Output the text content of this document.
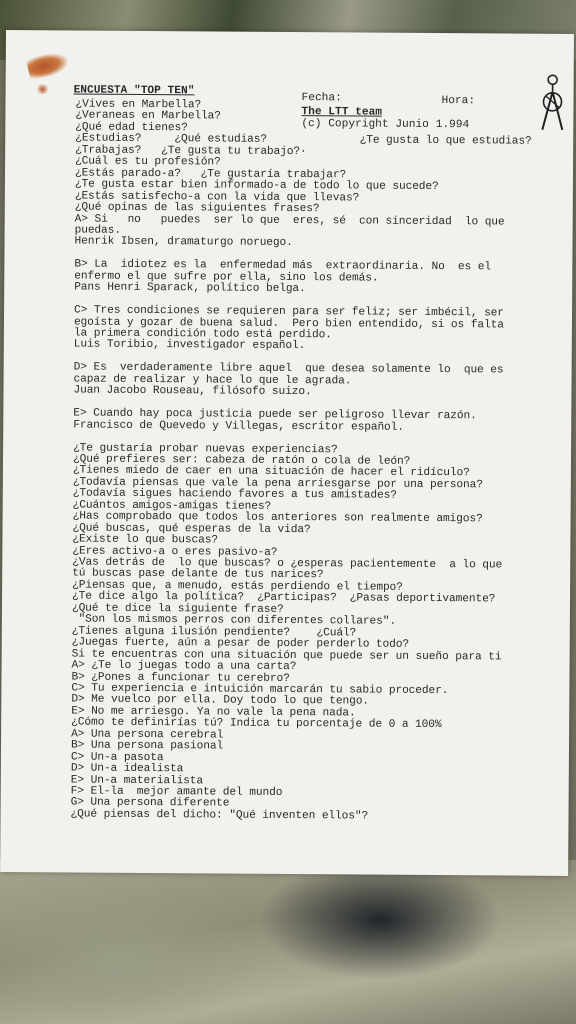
ENCUESTA "TOP TEN"
Fecha:	Hora:
The LTT team
(c) Copyright Junio 1.994
¿Vives en Marbella?
¿Veraneas en Marbella?
¿Qué edad tienes?
¿Estudias?     ¿Qué estudias?              ¿Te gusta lo que estudias?
¿Trabajas?   ¿Te gusta tu trabajo?·
¿Cuál es tu profesión?
¿Estás parado-a?   ¿Te gustaría trabajar?
¿Te gusta estar bien informado-a de todo lo que sucede?
¿Estás satisfecho-a con la vida que llevas?
¿Qué opinas de las siguientes frases?
A> Si   no   puedes  ser lo que  eres, sé  con sinceridad  lo que
puedas.
Henrik Ibsen, dramaturgo noruego.
B> La  idiotez es la  enfermedad más  extraordinaria. No  es el
enfermo el que sufre por ella, sino los demás.
Pans Henri Sparack, político belga.
C> Tres condiciones se requieren para ser feliz; ser imbécil, ser
egoísta y gozar de buena salud.  Pero bien entendido, si os falta
la primera condición todo está perdido.
Luis Toribio, investigador español.
D> Es  verdaderamente libre aquel  que desea solamente lo  que es
capaz de realizar y hace lo que le agrada.
Juan Jacobo Rouseau, filósofo suizo.
E> Cuando hay poca justicia puede ser peligroso llevar razón.
Francisco de Quevedo y Villegas, escritor español.
¿Te gustaría probar nuevas experiencias?
¿Qué prefieres ser: cabeza de ratón o cola de león?
¿Tienes miedo de caer en una situación de hacer el ridículo?
¿Todavía piensas que vale la pena arriesgarse por una persona?
¿Todavía sigues haciendo favores a tus amistades?
¿Cuántos amigos-amigas tienes?
¿Has comprobado que todos los anteriores son realmente amigos?
¿Qué buscas, qué esperas de la vida?
¿Existe lo que buscas?
¿Eres activo-a o eres pasivo-a?
¿Vas detrás de  lo que buscas? o ¿esperas pacientemente  a lo que
tú buscas pase delante de tus narices?
¿Piensas que, a menudo, estás perdiendo el tiempo?
¿Te dice algo la política?  ¿Participas?  ¿Pasas deportivamente?
¿Qué te dice la siguiente frase?
"Son los mismos perros con diferentes collares".
¿Tienes alguna ilusión pendiente?    ¿Cuál?
¿Juegas fuerte, aún a pesar de poder perderlo todo?
Si te encuentras con una situación que puede ser un sueño para ti
A> ¿Te lo juegas todo a una carta?
B> ¿Pones a funcionar tu cerebro?
C> Tu experiencia e intuición marcarán tu sabio proceder.
D> Me vuelco por ella. Doy todo lo que tengo.
E> No me arriesgo. Ya no vale la pena nada.
¿Cómo te definirías tú? Indica tu porcentaje de 0 a 100%
A> Una persona cerebral
B> Una persona pasional
C> Un-a pasota
D> Un-a idealista
E> Un-a materialista
F> El-la  mejor amante del mundo
G> Una persona diferente
¿Qué piensas del dicho: "Qué inventen ellos"?
